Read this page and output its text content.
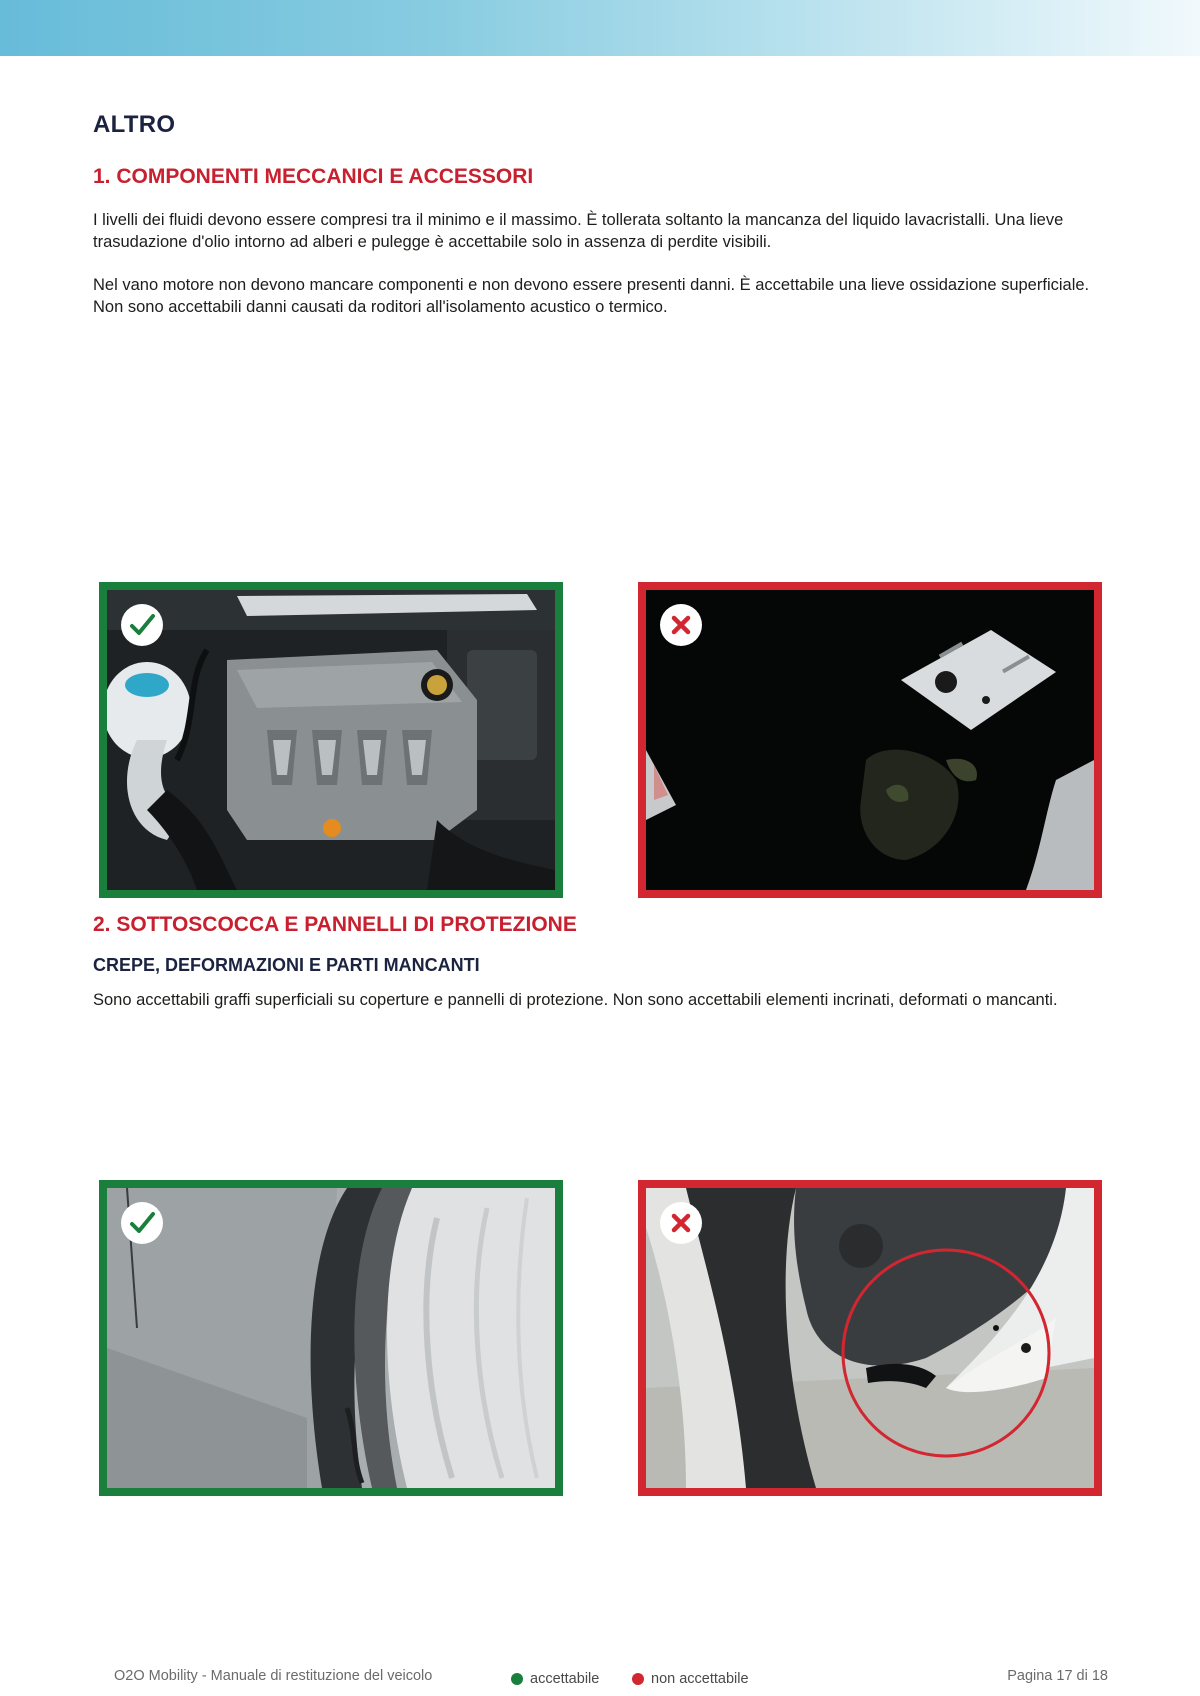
ALTRO
1. COMPONENTI MECCANICI E ACCESSORI

I livelli dei fluidi devono essere compresi tra il minimo e il massimo. È tollerata soltanto la mancanza del liquido lavacristalli. Una lieve trasudazione d'olio intorno ad alberi e pulegge è accettabile solo in assenza di perdite visibili.

Nel vano motore non devono mancare componenti e non devono essere presenti danni. È accettabile una lieve ossidazione superficiale. Non sono accettabili danni causati da roditori all'isolamento acustico o termico.

2. SOTTOSCOCCA E PANNELLI DI PROTEZIONE
CREPE, DEFORMAZIONI E PARTI MANCANTI

Sono accettabili graffi superficiali su coperture e pannelli di protezione. Non sono accettabili elementi incrinati, deformati o mancanti.

O2O Mobility - Manuale di restituzione del veicolo	accettabile	non accettabile	Pagina 17 di 18
